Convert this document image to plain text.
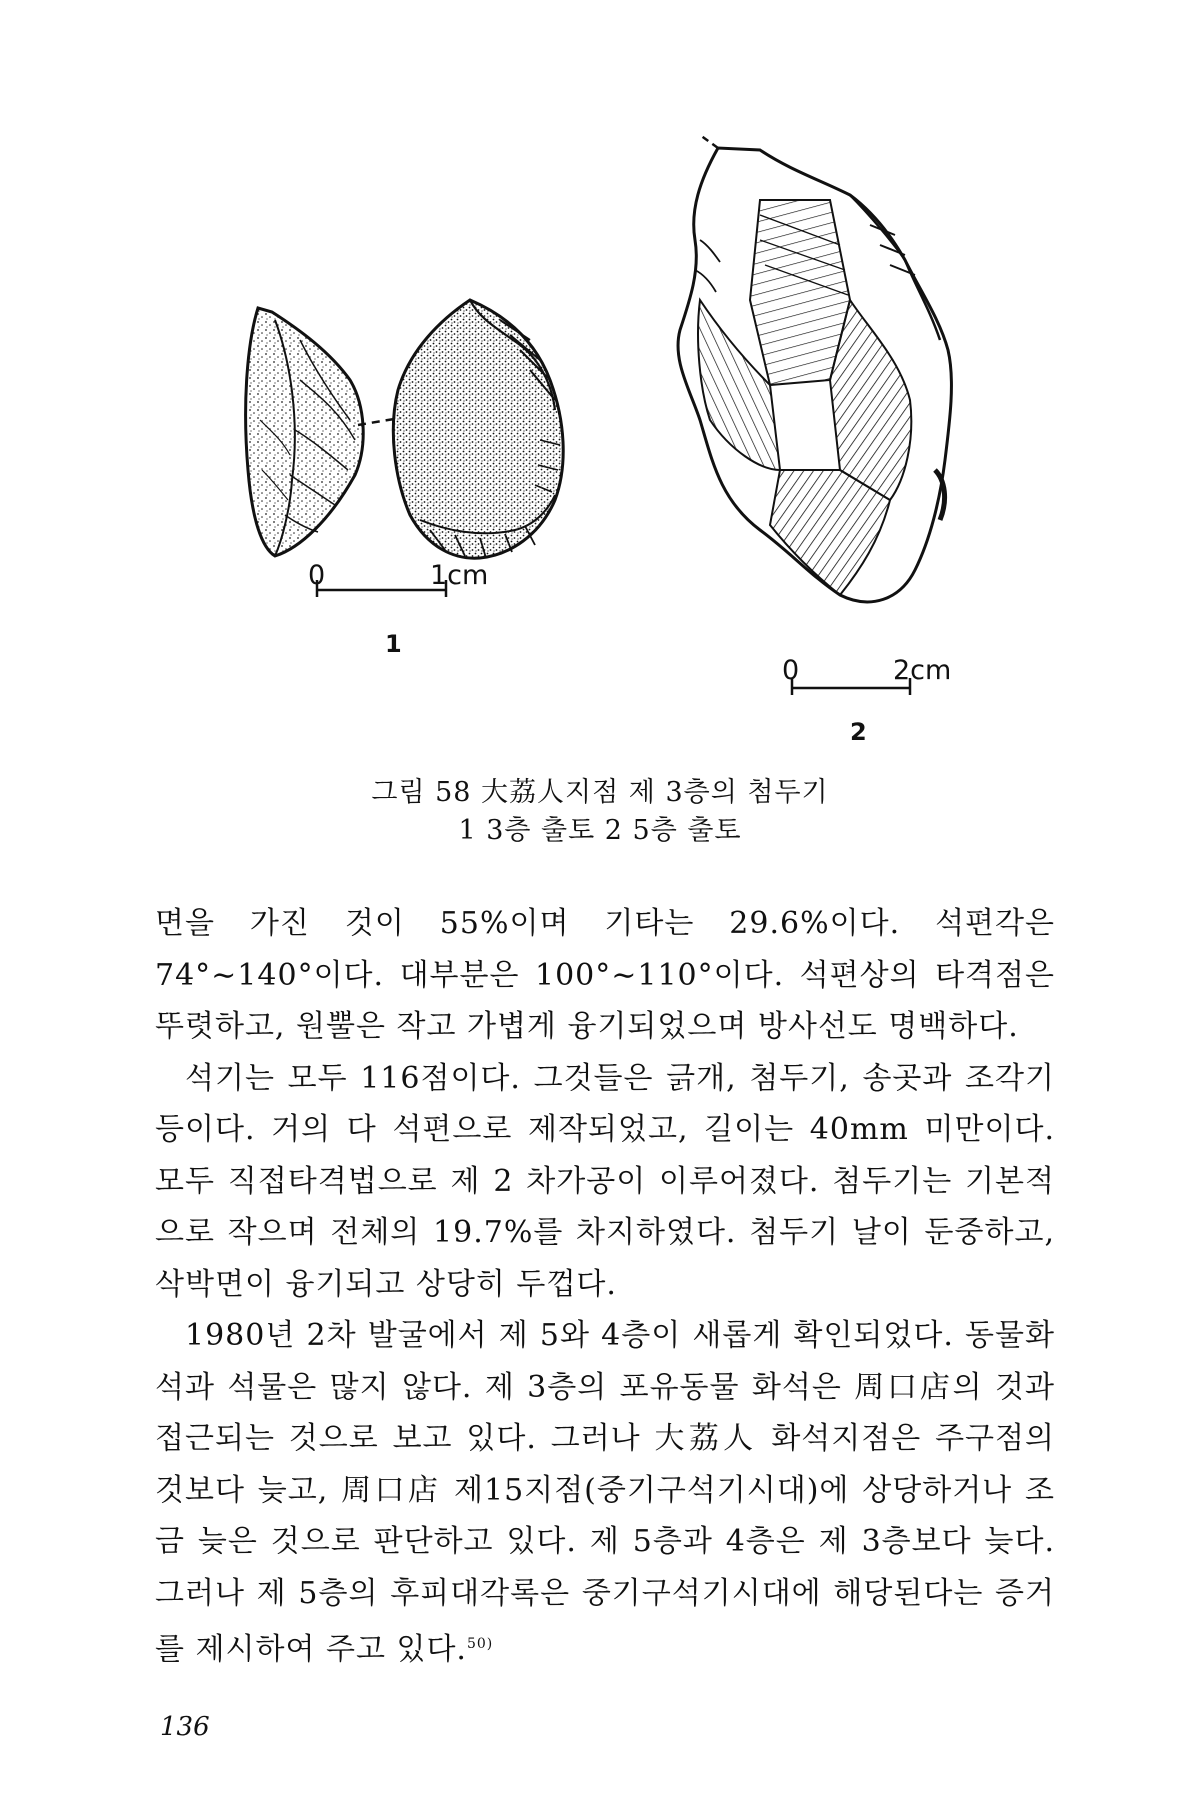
0	1cm
1
0	2cm
2
그림 58 大荔人지점 제 3층의 첨두기
1 3층 출토 2 5층 출토

면을 가진 것이 55%이며 기타는 29.6%이다. 석편각은 74°∼140°이다. 대부분은 100°∼110°이다. 석편상의 타격점은 뚜렷하고, 원뿔은 작고 가볍게 융기되었으며 방사선도 명백하다.

석기는 모두 116점이다. 그것들은 긁개, 첨두기, 송곳과 조각기 등이다. 거의 다 석편으로 제작되었고, 길이는 40mm 미만이다. 모두 직접타격법으로 제 2 차가공이 이루어졌다. 첨두기는 기본적으로 작으며 전체의 19.7%를 차지하였다. 첨두기 날이 둔중하고, 삭박면이 융기되고 상당히 두껍다.

1980년 2차 발굴에서 제 5와 4층이 새롭게 확인되었다. 동물화석과 석물은 많지 않다. 제 3층의 포유동물 화석은 周口店의 것과 접근되는 것으로 보고 있다. 그러나 大荔人 화석지점은 주구점의 것보다 늦고, 周口店 제15지점(중기구석기시대)에 상당하거나 조금 늦은 것으로 판단하고 있다. 제 5층과 4층은 제 3층보다 늦다. 그러나 제 5층의 후피대각록은 중기구석기시대에 해당된다는 증거를 제시하여 주고 있다.$^{50)}$

136
